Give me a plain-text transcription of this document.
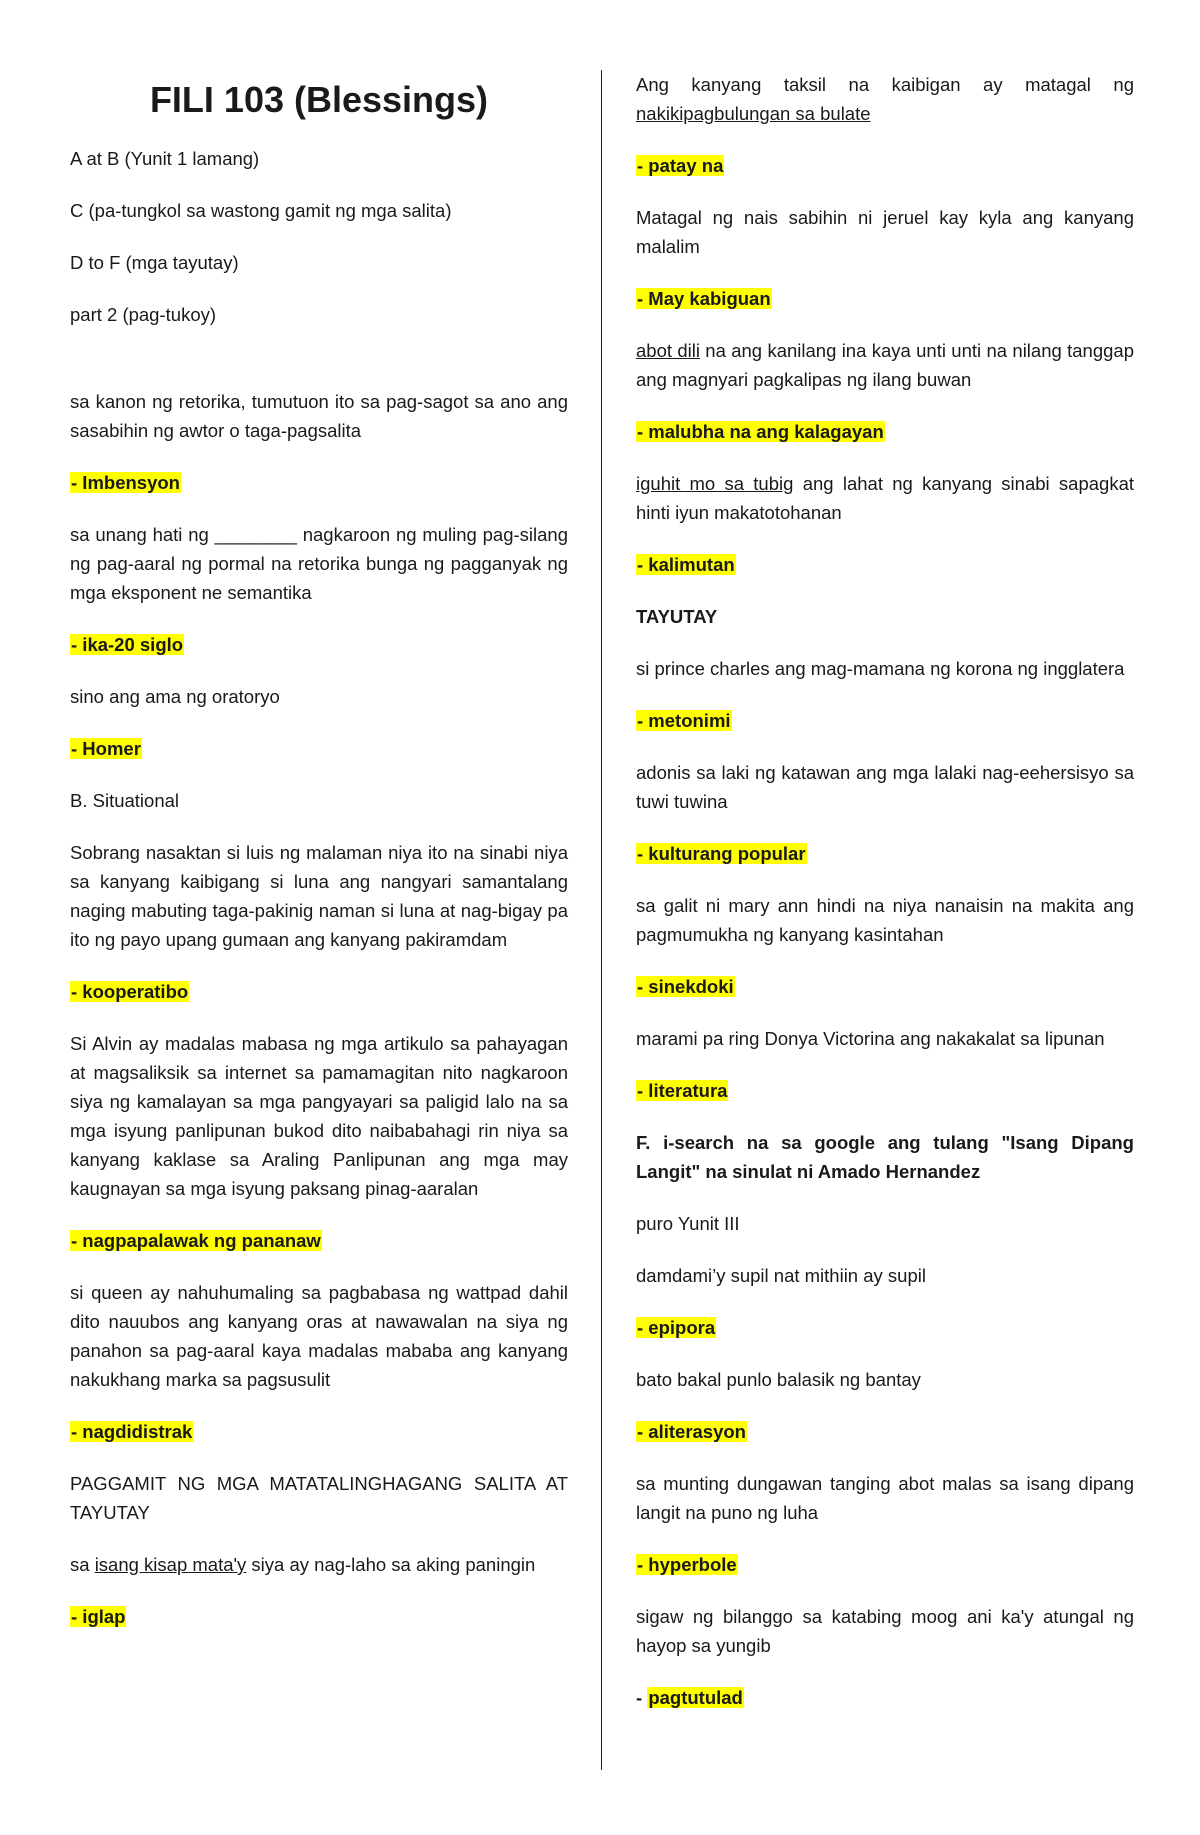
FILI 103 (Blessings)

A at B (Yunit 1 lamang)

C (pa-tungkol sa wastong gamit ng mga salita)

D to F (mga tayutay)

part 2 (pag-tukoy)

sa kanon ng retorika, tumutuon ito sa pag-sagot sa ano ang sasabihin ng awtor o taga-pagsalita

- Imbensyon

sa unang hati ng ________ nagkaroon ng muling pag-silang ng pag-aaral ng pormal na retorika bunga ng pagganyak ng mga eksponent ne semantika

- ika-20 siglo

sino ang ama ng oratoryo

- Homer

B. Situational

Sobrang nasaktan si luis ng malaman niya ito na sinabi niya sa kanyang kaibigang si luna ang nangyari samantalang naging mabuting taga-pakinig naman si luna at nag-bigay pa ito ng payo upang gumaan ang kanyang pakiramdam

- kooperatibo

Si Alvin ay madalas mabasa ng mga artikulo sa pahayagan at magsaliksik sa internet sa pamamagitan nito nagkaroon siya ng kamalayan sa mga pangyayari sa paligid lalo na sa mga isyung panlipunan bukod dito naibabahagi rin niya sa kanyang kaklase sa Araling Panlipunan ang mga may kaugnayan sa mga isyung paksang pinag-aaralan

- nagpapalawak ng pananaw

si queen ay nahuhumaling sa pagbabasa ng wattpad dahil dito nauubos ang kanyang oras at nawawalan na siya ng panahon sa pag-aaral kaya madalas mababa ang kanyang nakukhang marka sa pagsusulit

- nagdidistrak

PAGGAMIT NG MGA MATATALINGHAGANG SALITA AT TAYUTAY

sa isang kisap mata'y siya ay nag-laho sa aking paningin

- iglap

Ang kanyang taksil na kaibigan ay matagal ng nakikipagbulungan sa bulate

- patay na

Matagal ng nais sabihin ni jeruel kay kyla ang kanyang malalim

- May kabiguan

abot dili na ang kanilang ina kaya unti unti na nilang tanggap ang magnyari pagkalipas ng ilang buwan

- malubha na ang kalagayan

iguhit mo sa tubig ang lahat ng kanyang sinabi sapagkat hinti iyun makatotohanan

- kalimutan

TAYUTAY

si prince charles ang mag-mamana ng korona ng ingglatera

- metonimi

adonis sa laki ng katawan ang mga lalaki nag-eehersisyo sa tuwi tuwina

- kulturang popular

sa galit ni mary ann hindi na niya nanaisin na makita ang pagmumukha ng kanyang kasintahan

- sinekdoki

marami pa ring Donya Victorina ang nakakalat sa lipunan

- literatura

F. i-search na sa google ang tulang "Isang Dipang Langit" na sinulat ni Amado Hernandez

puro Yunit III

damdami’y supil nat mithiin ay supil

- epipora

bato bakal punlo balasik ng bantay

- aliterasyon

sa munting dungawan tanging abot malas sa isang dipang langit na puno ng luha

- hyperbole

sigaw ng bilanggo sa katabing moog ani ka'y atungal ng hayop sa yungib

- pagtutulad
